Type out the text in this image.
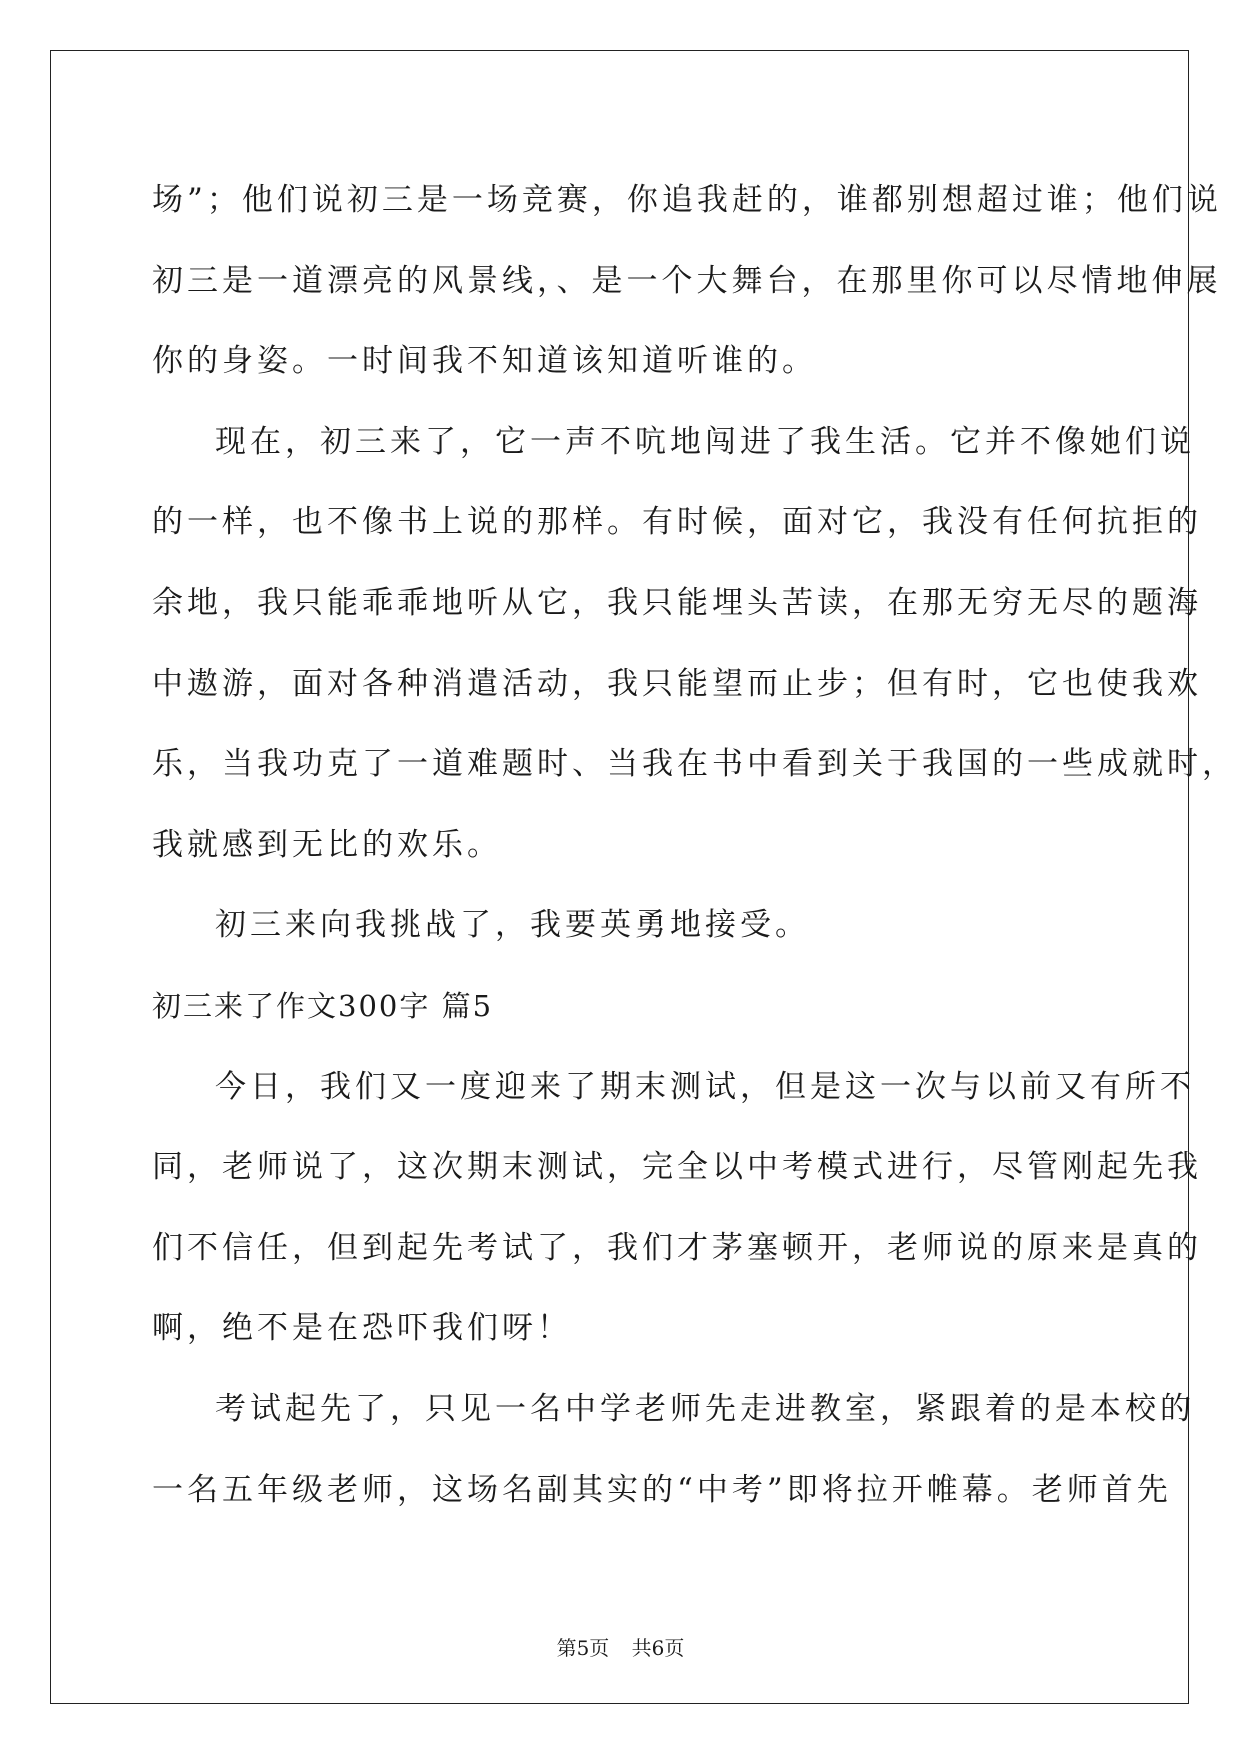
场”；他们说初三是一场竞赛，你追我赶的，谁都别想超过谁；他们说
初三是一道漂亮的风景线，、是一个大舞台，在那里你可以尽情地伸展
你的身姿。一时间我不知道该知道听谁的。
现在，初三来了，它一声不吭地闯进了我生活。它并不像她们说
的一样，也不像书上说的那样。有时候，面对它，我没有任何抗拒的
余地，我只能乖乖地听从它，我只能埋头苦读，在那无穷无尽的题海
中遨游，面对各种消遣活动，我只能望而止步；但有时，它也使我欢
乐，当我功克了一道难题时、当我在书中看到关于我国的一些成就时，
我就感到无比的欢乐。
初三来向我挑战了，我要英勇地接受。
初三来了作文300字 篇5
今日，我们又一度迎来了期末测试，但是这一次与以前又有所不
同，老师说了，这次期末测试，完全以中考模式进行，尽管刚起先我
们不信任，但到起先考试了，我们才茅塞顿开，老师说的原来是真的
啊，绝不是在恐吓我们呀！
考试起先了，只见一名中学老师先走进教室，紧跟着的是本校的
一名五年级老师，这场名副其实的“中考”即将拉开帷幕。老师首先
第5页 共6页
